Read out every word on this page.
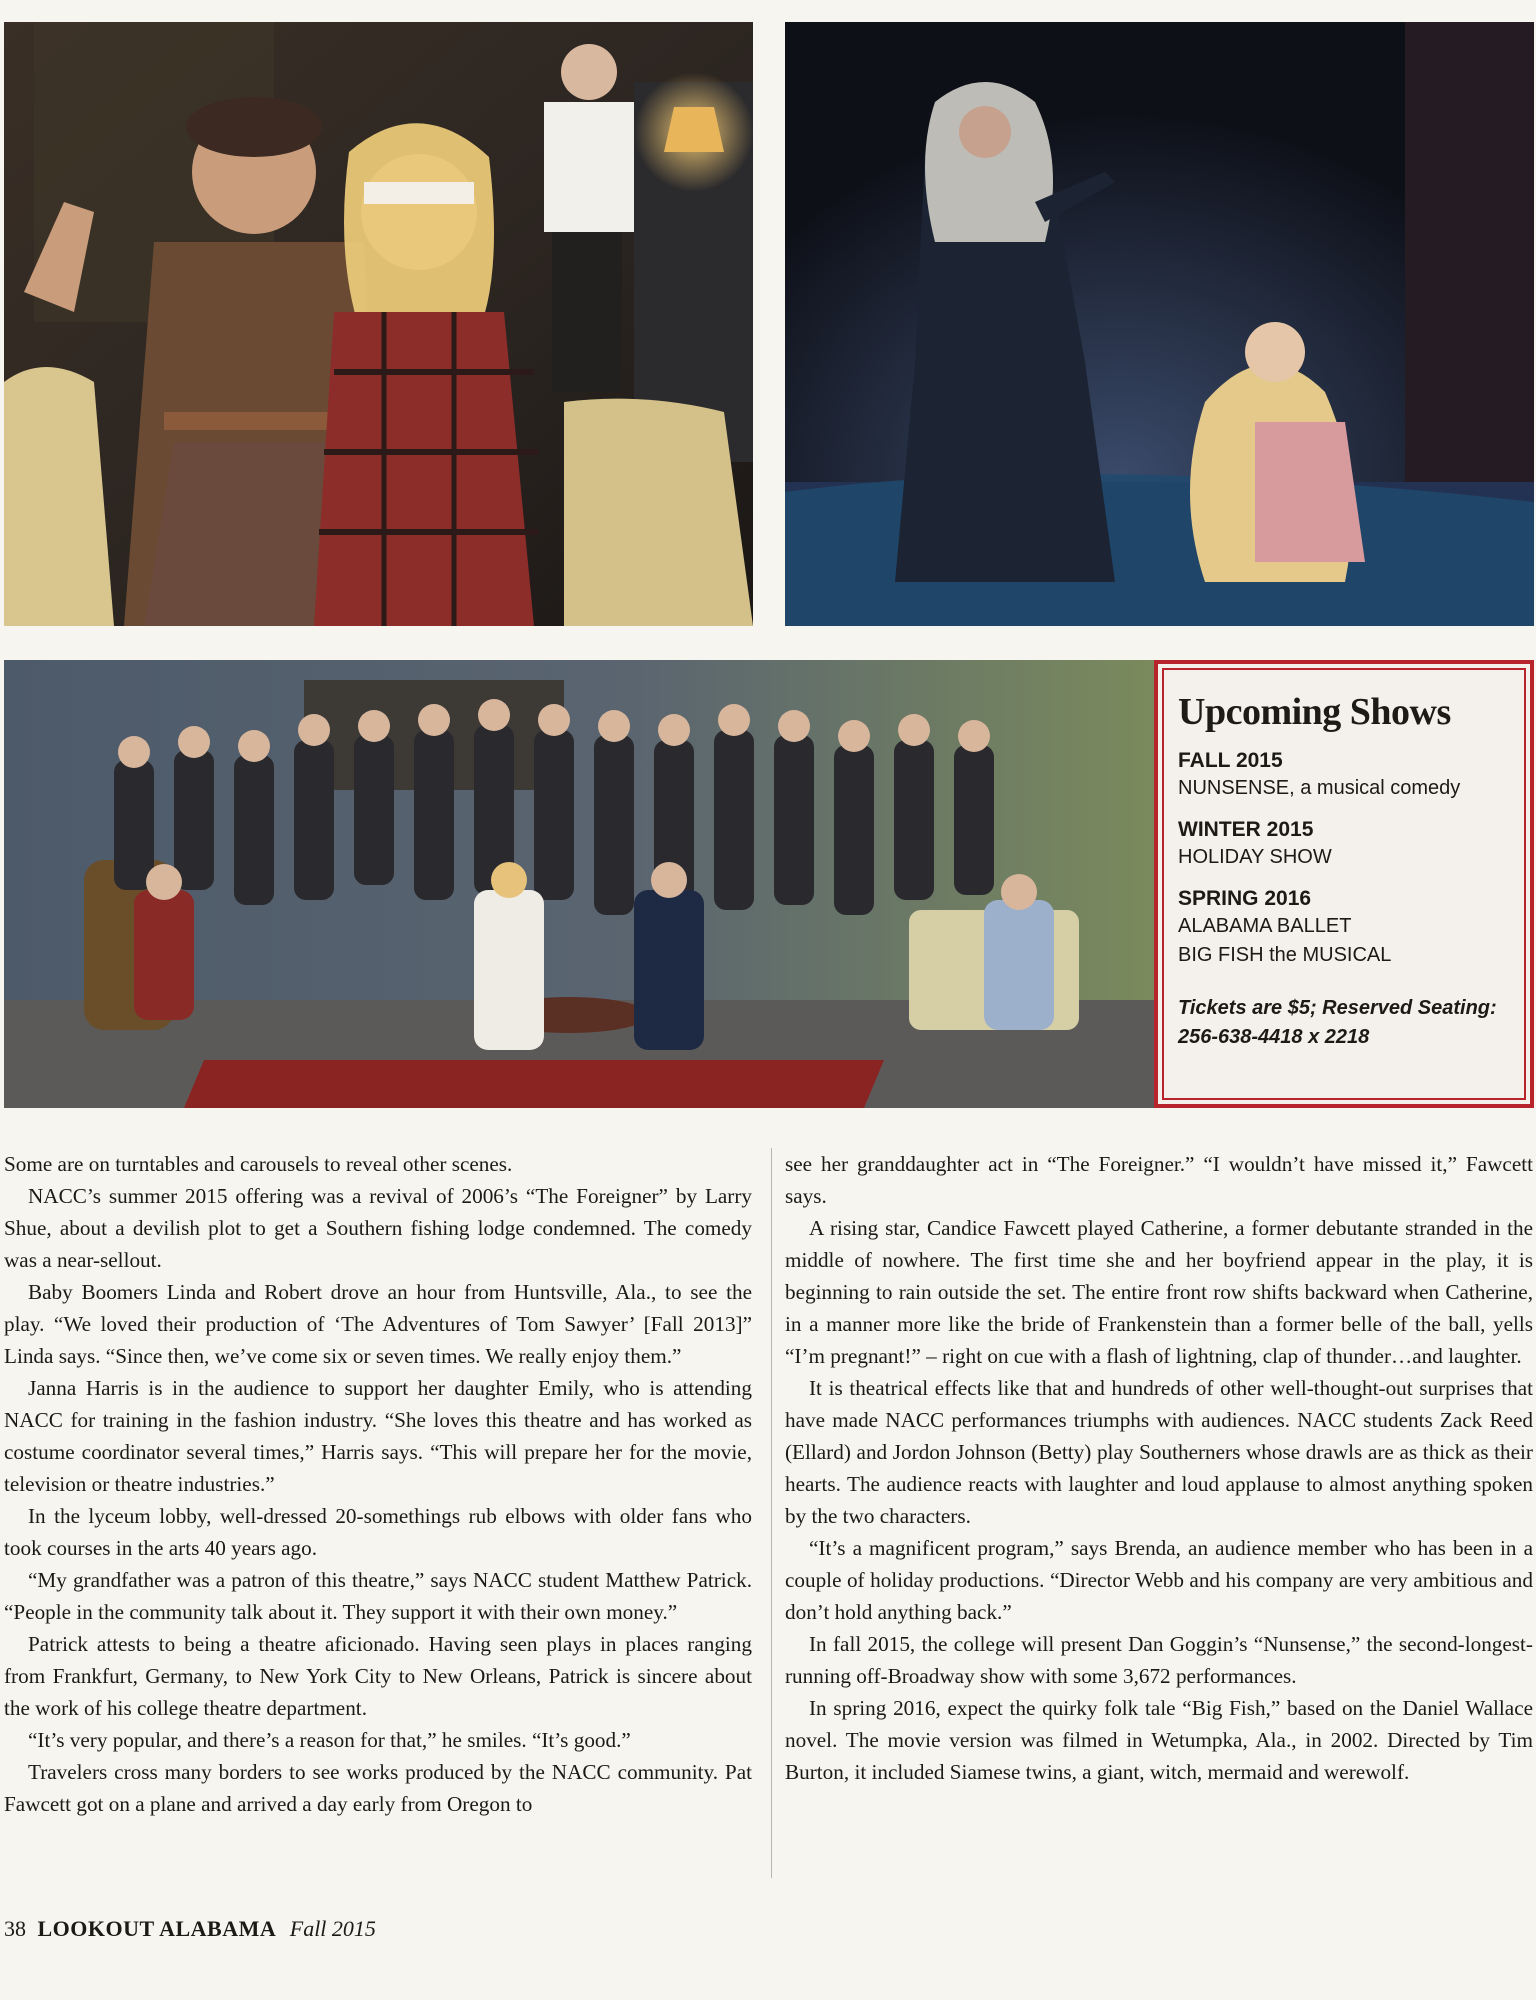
Upcoming Shows
FALL 2015
NUNSENSE, a musical comedy
WINTER 2015
HOLIDAY SHOW
SPRING 2016
ALABAMA BALLET
BIG FISH the MUSICAL
Tickets are $5; Reserved Seating:
256-638-4418 x 2218

Some are on turntables and carousels to reveal other scenes.

NACC’s summer 2015 offering was a revival of 2006’s “The Foreigner” by Larry Shue, about a devilish plot to get a Southern fishing lodge condemned. The comedy was a near-sellout.

Baby Boomers Linda and Robert drove an hour from Huntsville, Ala., to see the play. “We loved their production of ‘The Adventures of Tom Sawyer’ [Fall 2013]” Linda says. “Since then, we’ve come six or seven times. We really enjoy them.”

Janna Harris is in the audience to support her daughter Emily, who is attending NACC for training in the fashion industry. “She loves this theatre and has worked as costume coordinator several times,” Harris says. “This will prepare her for the movie, television or theatre industries.”

In the lyceum lobby, well-dressed 20-somethings rub elbows with older fans who took courses in the arts 40 years ago.

“My grandfather was a patron of this theatre,” says NACC student Matthew Patrick. “People in the community talk about it. They support it with their own money.”

Patrick attests to being a theatre aficionado. Having seen plays in places ranging from Frankfurt, Germany, to New York City to New Orleans, Patrick is sincere about the work of his college theatre department.

“It’s very popular, and there’s a reason for that,” he smiles. “It’s good.”

Travelers cross many borders to see works produced by the NACC community. Pat Fawcett got on a plane and arrived a day early from Oregon to

see her granddaughter act in “The Foreigner.” “I wouldn’t have missed it,” Fawcett says.

A rising star, Candice Fawcett played Catherine, a former debutante stranded in the middle of nowhere. The first time she and her boyfriend appear in the play, it is beginning to rain outside the set. The entire front row shifts backward when Catherine, in a manner more like the bride of Frankenstein than a former belle of the ball, yells “I’m pregnant!” – right on cue with a flash of lightning, clap of thunder…and laughter.

It is theatrical effects like that and hundreds of other well-thought-out surprises that have made NACC performances triumphs with audiences. NACC students Zack Reed (Ellard) and Jordon Johnson (Betty) play Southerners whose drawls are as thick as their hearts. The audience reacts with laughter and loud applause to almost anything spoken by the two characters.

“It’s a magnificent program,” says Brenda, an audience member who has been in a couple of holiday productions. “Director Webb and his company are very ambitious and don’t hold anything back.”

In fall 2015, the college will present Dan Goggin’s “Nunsense,” the second-longest-running off-Broadway show with some 3,672 performances.

In spring 2016, expect the quirky folk tale “Big Fish,” based on the Daniel Wallace novel. The movie version was filmed in Wetumpka, Ala., in 2002. Directed by Tim Burton, it included Siamese twins, a giant, witch, mermaid and werewolf.

38 LOOKOUT ALABAMA Fall 2015
